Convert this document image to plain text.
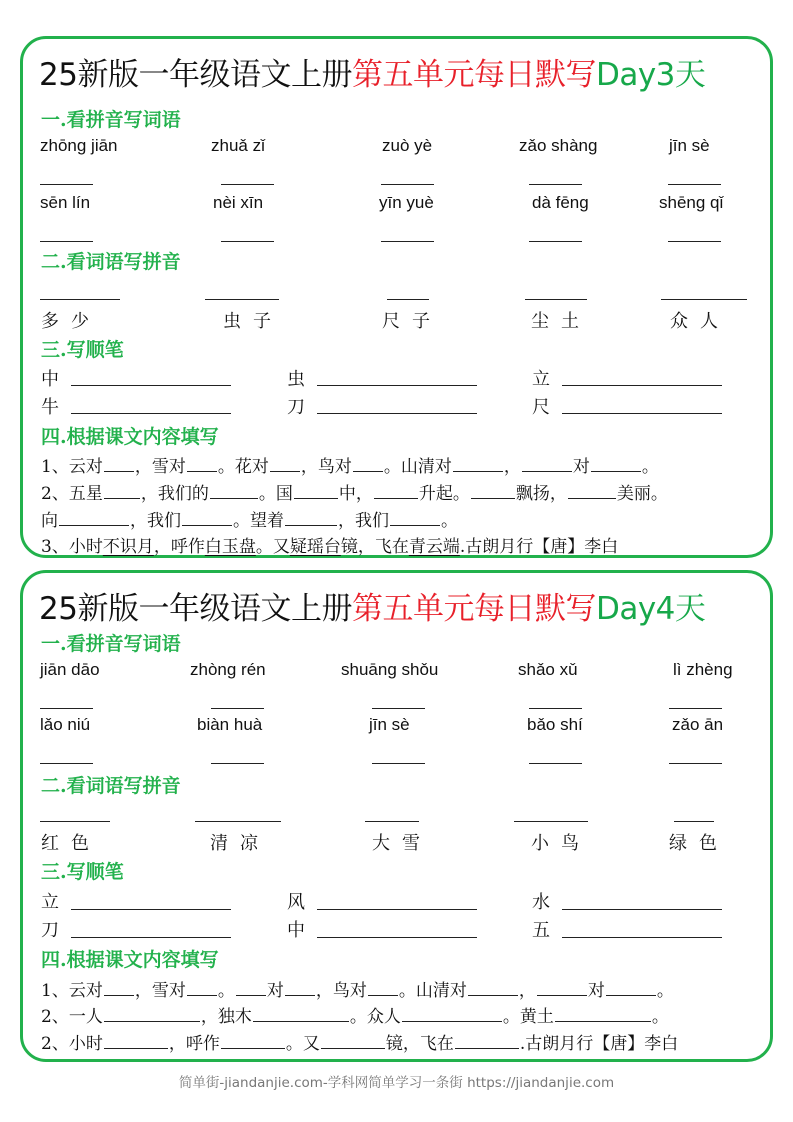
25新版一年级语文上册第五单元每日默写Day3天
一.看拼音写词语
zhōng jiān	zhuǎ zǐ	zuò yè	zǎo shàng	jīn sè
sēn lín	nèi xīn	yīn yuè	dà fēng	shēng qǐ
二.看词语写拼音
多少	虫子	尺子	尘土	众人
三.写顺笔
中	虫	立
牛	刀	尺
四.根据课文内容填写
1、云对 ，雪对 。花对 ，鸟对 。山清对	，	对	。
2、五星 ，我们的	。国	中，	升起。	飘扬，	美丽。
向	，我们	。望着	，我们	。
3、小时不识月，呼作白玉盘。又疑瑶台镜，飞在青云端.古朗月行【唐】李白
25新版一年级语文上册第五单元每日默写Day4天
一.看拼音写词语
jiān dāo	zhòng rén	shuāng shǒu	shǎo xǔ	lì zhèng
lǎo niú	biàn huà	jīn sè	bǎo shí	zǎo ān
二.看词语写拼音
红色	清凉	大雪	小鸟	绿色
三.写顺笔
立	风	水
刀	中	五
四.根据课文内容填写
1、云对 ，雪对 。 对 ，鸟对 。山清对	，	对	。
2、一人	，独木	。众人	。黄土	。
2、小时	，呼作	。又	镜，飞在	.古朗月行【唐】李白
简单街-jiandanjie.com-学科网简单学习一条街 https://jiandanjie.com
